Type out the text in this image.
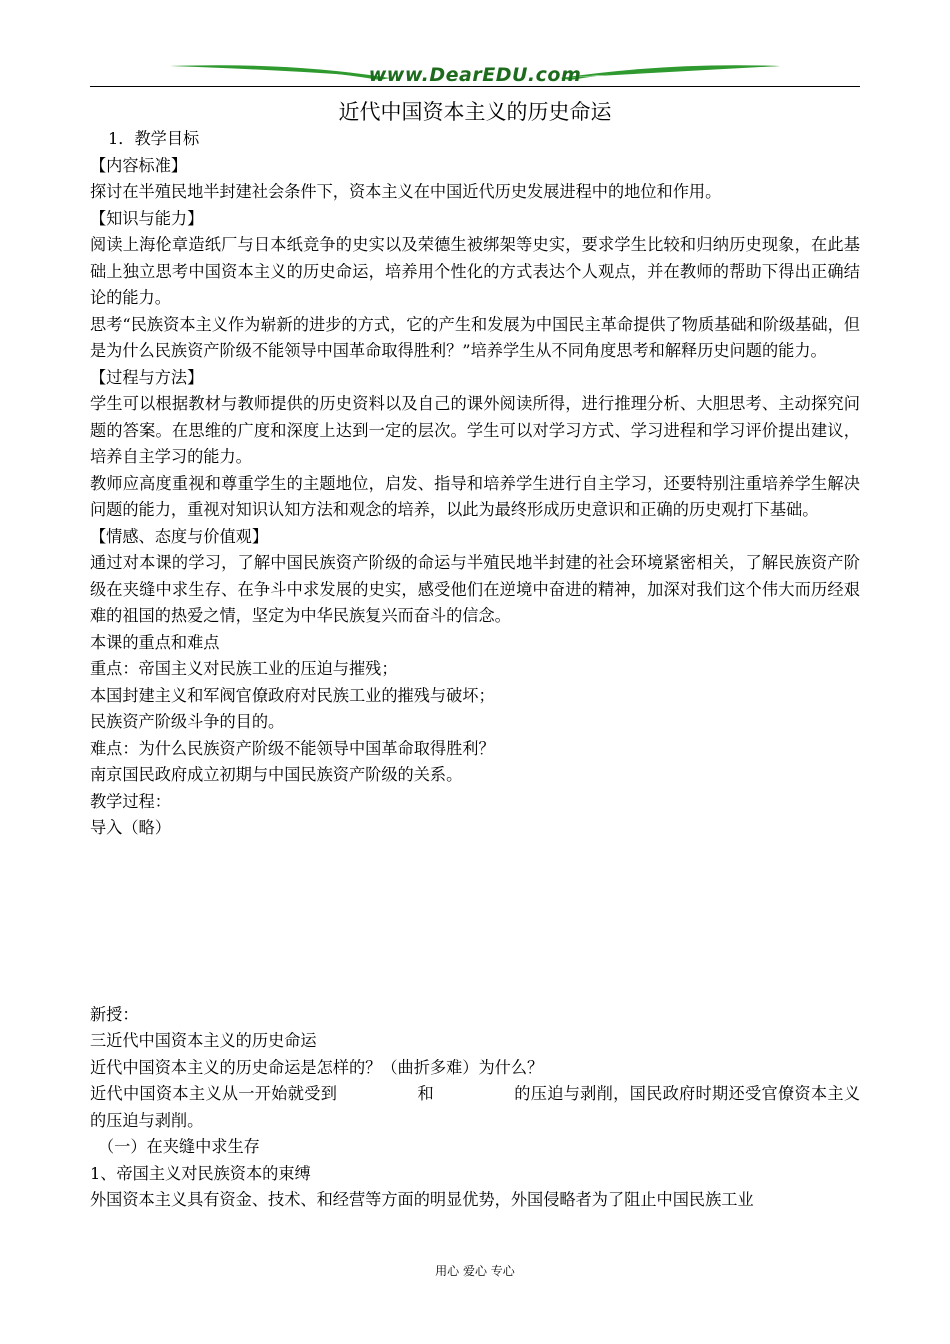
www.DearEDU.com
近代中国资本主义的历史命运

1．教学目标

【内容标准】

探讨在半殖民地半封建社会条件下，资本主义在中国近代历史发展进程中的地位和作用。

【知识与能力】

阅读上海伦章造纸厂与日本纸竞争的史实以及荣德生被绑架等史实，要求学生比较和归纳历史现象，在此基础上独立思考中国资本主义的历史命运，培养用个性化的方式表达个人观点，并在教师的帮助下得出正确结论的能力。

思考“民族资本主义作为崭新的进步的方式，它的产生和发展为中国民主革命提供了物质基础和阶级基础，但是为什么民族资产阶级不能领导中国革命取得胜利？”培养学生从不同角度思考和解释历史问题的能力。

【过程与方法】

学生可以根据教材与教师提供的历史资料以及自己的课外阅读所得，进行推理分析、大胆思考、主动探究问题的答案。在思维的广度和深度上达到一定的层次。学生可以对学习方式、学习进程和学习评价提出建议，培养自主学习的能力。

教师应高度重视和尊重学生的主题地位，启发、指导和培养学生进行自主学习，还要特别注重培养学生解决问题的能力，重视对知识认知方法和观念的培养，以此为最终形成历史意识和正确的历史观打下基础。

【情感、态度与价值观】

通过对本课的学习，了解中国民族资产阶级的命运与半殖民地半封建的社会环境紧密相关，了解民族资产阶级在夹缝中求生存、在争斗中求发展的史实，感受他们在逆境中奋进的精神，加深对我们这个伟大而历经艰难的祖国的热爱之情，坚定为中华民族复兴而奋斗的信念。

本课的重点和难点

重点：帝国主义对民族工业的压迫与摧残；

本国封建主义和军阀官僚政府对民族工业的摧残与破坏；

民族资产阶级斗争的目的。

难点：为什么民族资产阶级不能领导中国革命取得胜利？

南京国民政府成立初期与中国民族资产阶级的关系。

教学过程：

导入（略）

新授：

三近代中国资本主义的历史命运

近代中国资本主义的历史命运是怎样的？（曲折多难）为什么？

近代中国资本主义从一开始就受到	和	的压迫与剥削，国民政府时期还受官僚资本主义的压迫与剥削。

（一）在夹缝中求生存

1、帝国主义对民族资本的束缚

外国资本主义具有资金、技术、和经营等方面的明显优势，外国侵略者为了阻止中国民族工业

用心 爱心 专心
